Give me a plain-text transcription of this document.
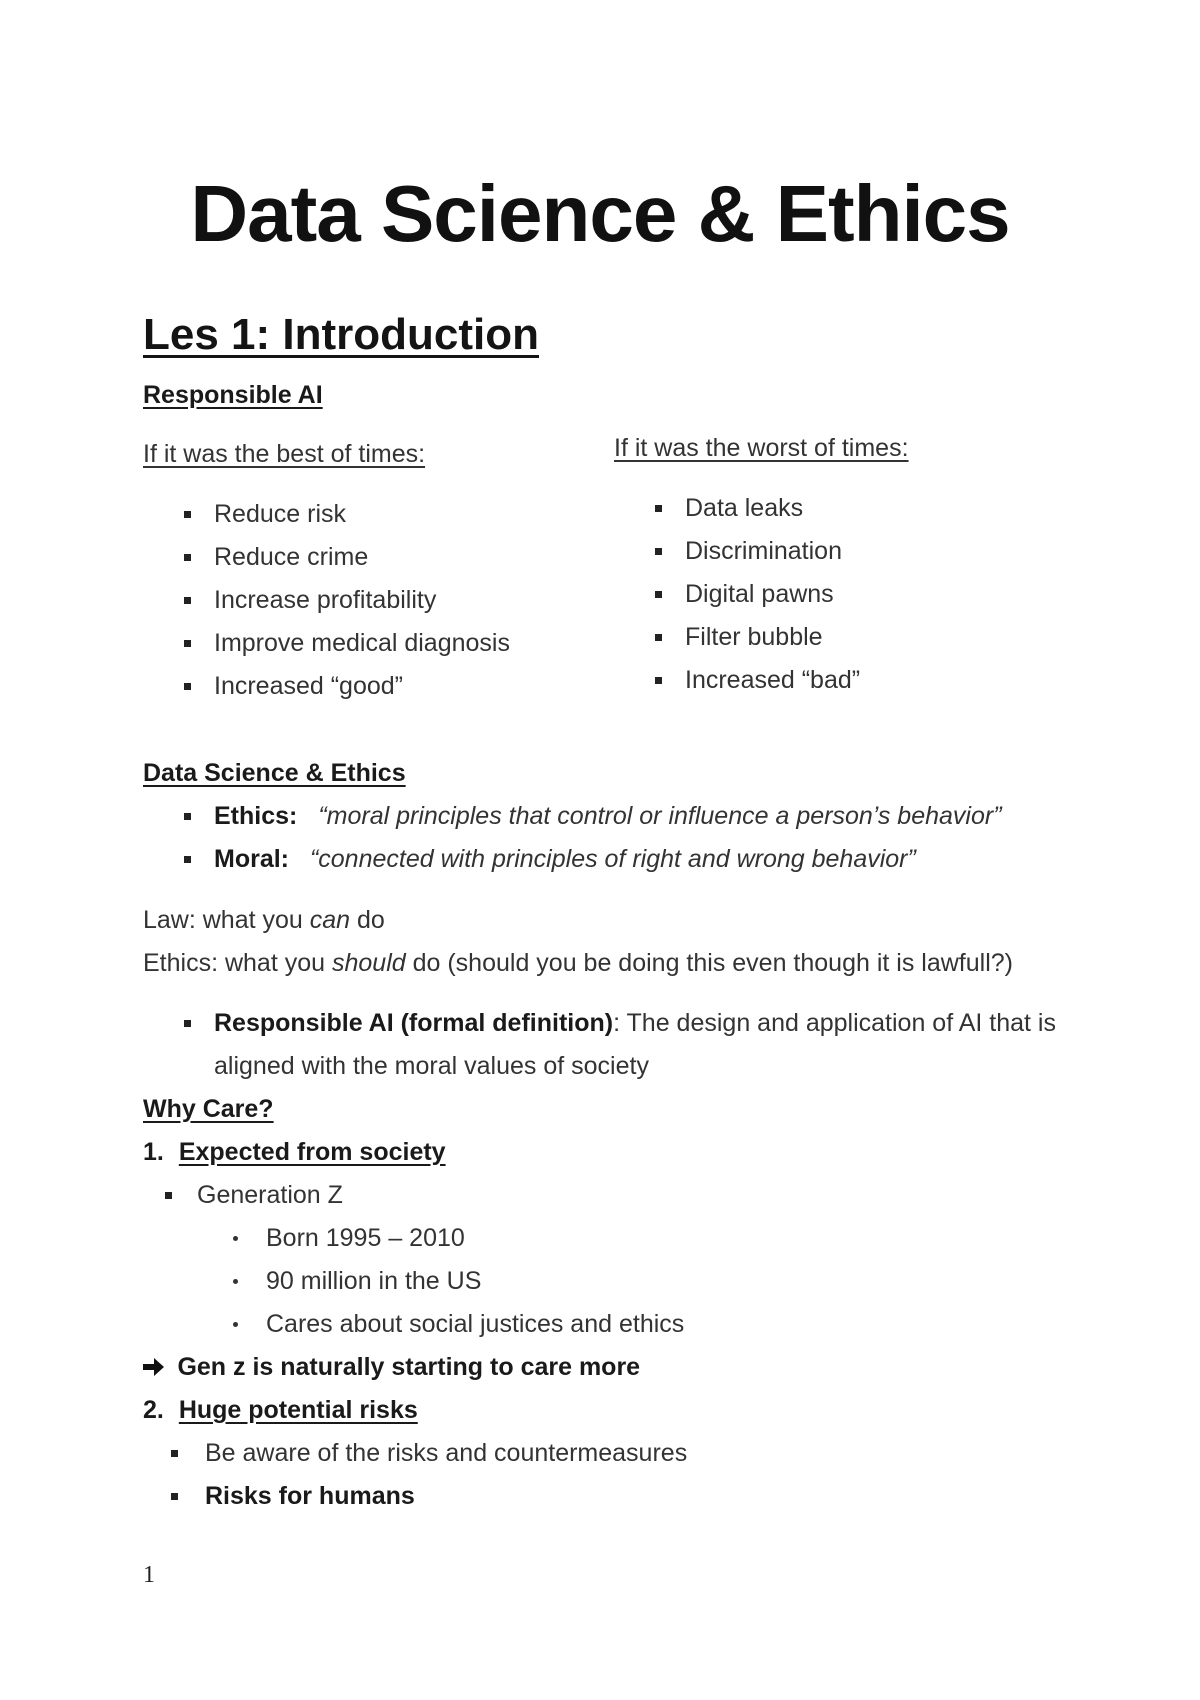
Data Science & Ethics
Les 1: Introduction
Responsible AI
If it was the best of times:
Reduce risk
Reduce crime
Increase profitability
Improve medical diagnosis
Increased “good”
If it was the worst of times:
Data leaks
Discrimination
Digital pawns
Filter bubble
Increased “bad”
Data Science & Ethics
Ethics: “moral principles that control or influence a person’s behavior”
Moral: “connected with principles of right and wrong behavior”
Law: what you can do
Ethics: what you should do (should you be doing this even though it is lawfull?)
Responsible AI (formal definition): The design and application of AI that is
aligned with the moral values of society
Why Care?
1. Expected from society
Generation Z
Born 1995 – 2010
90 million in the US
Cares about social justices and ethics
Gen z is naturally starting to care more
2. Huge potential risks
Be aware of the risks and countermeasures
Risks for humans
1
